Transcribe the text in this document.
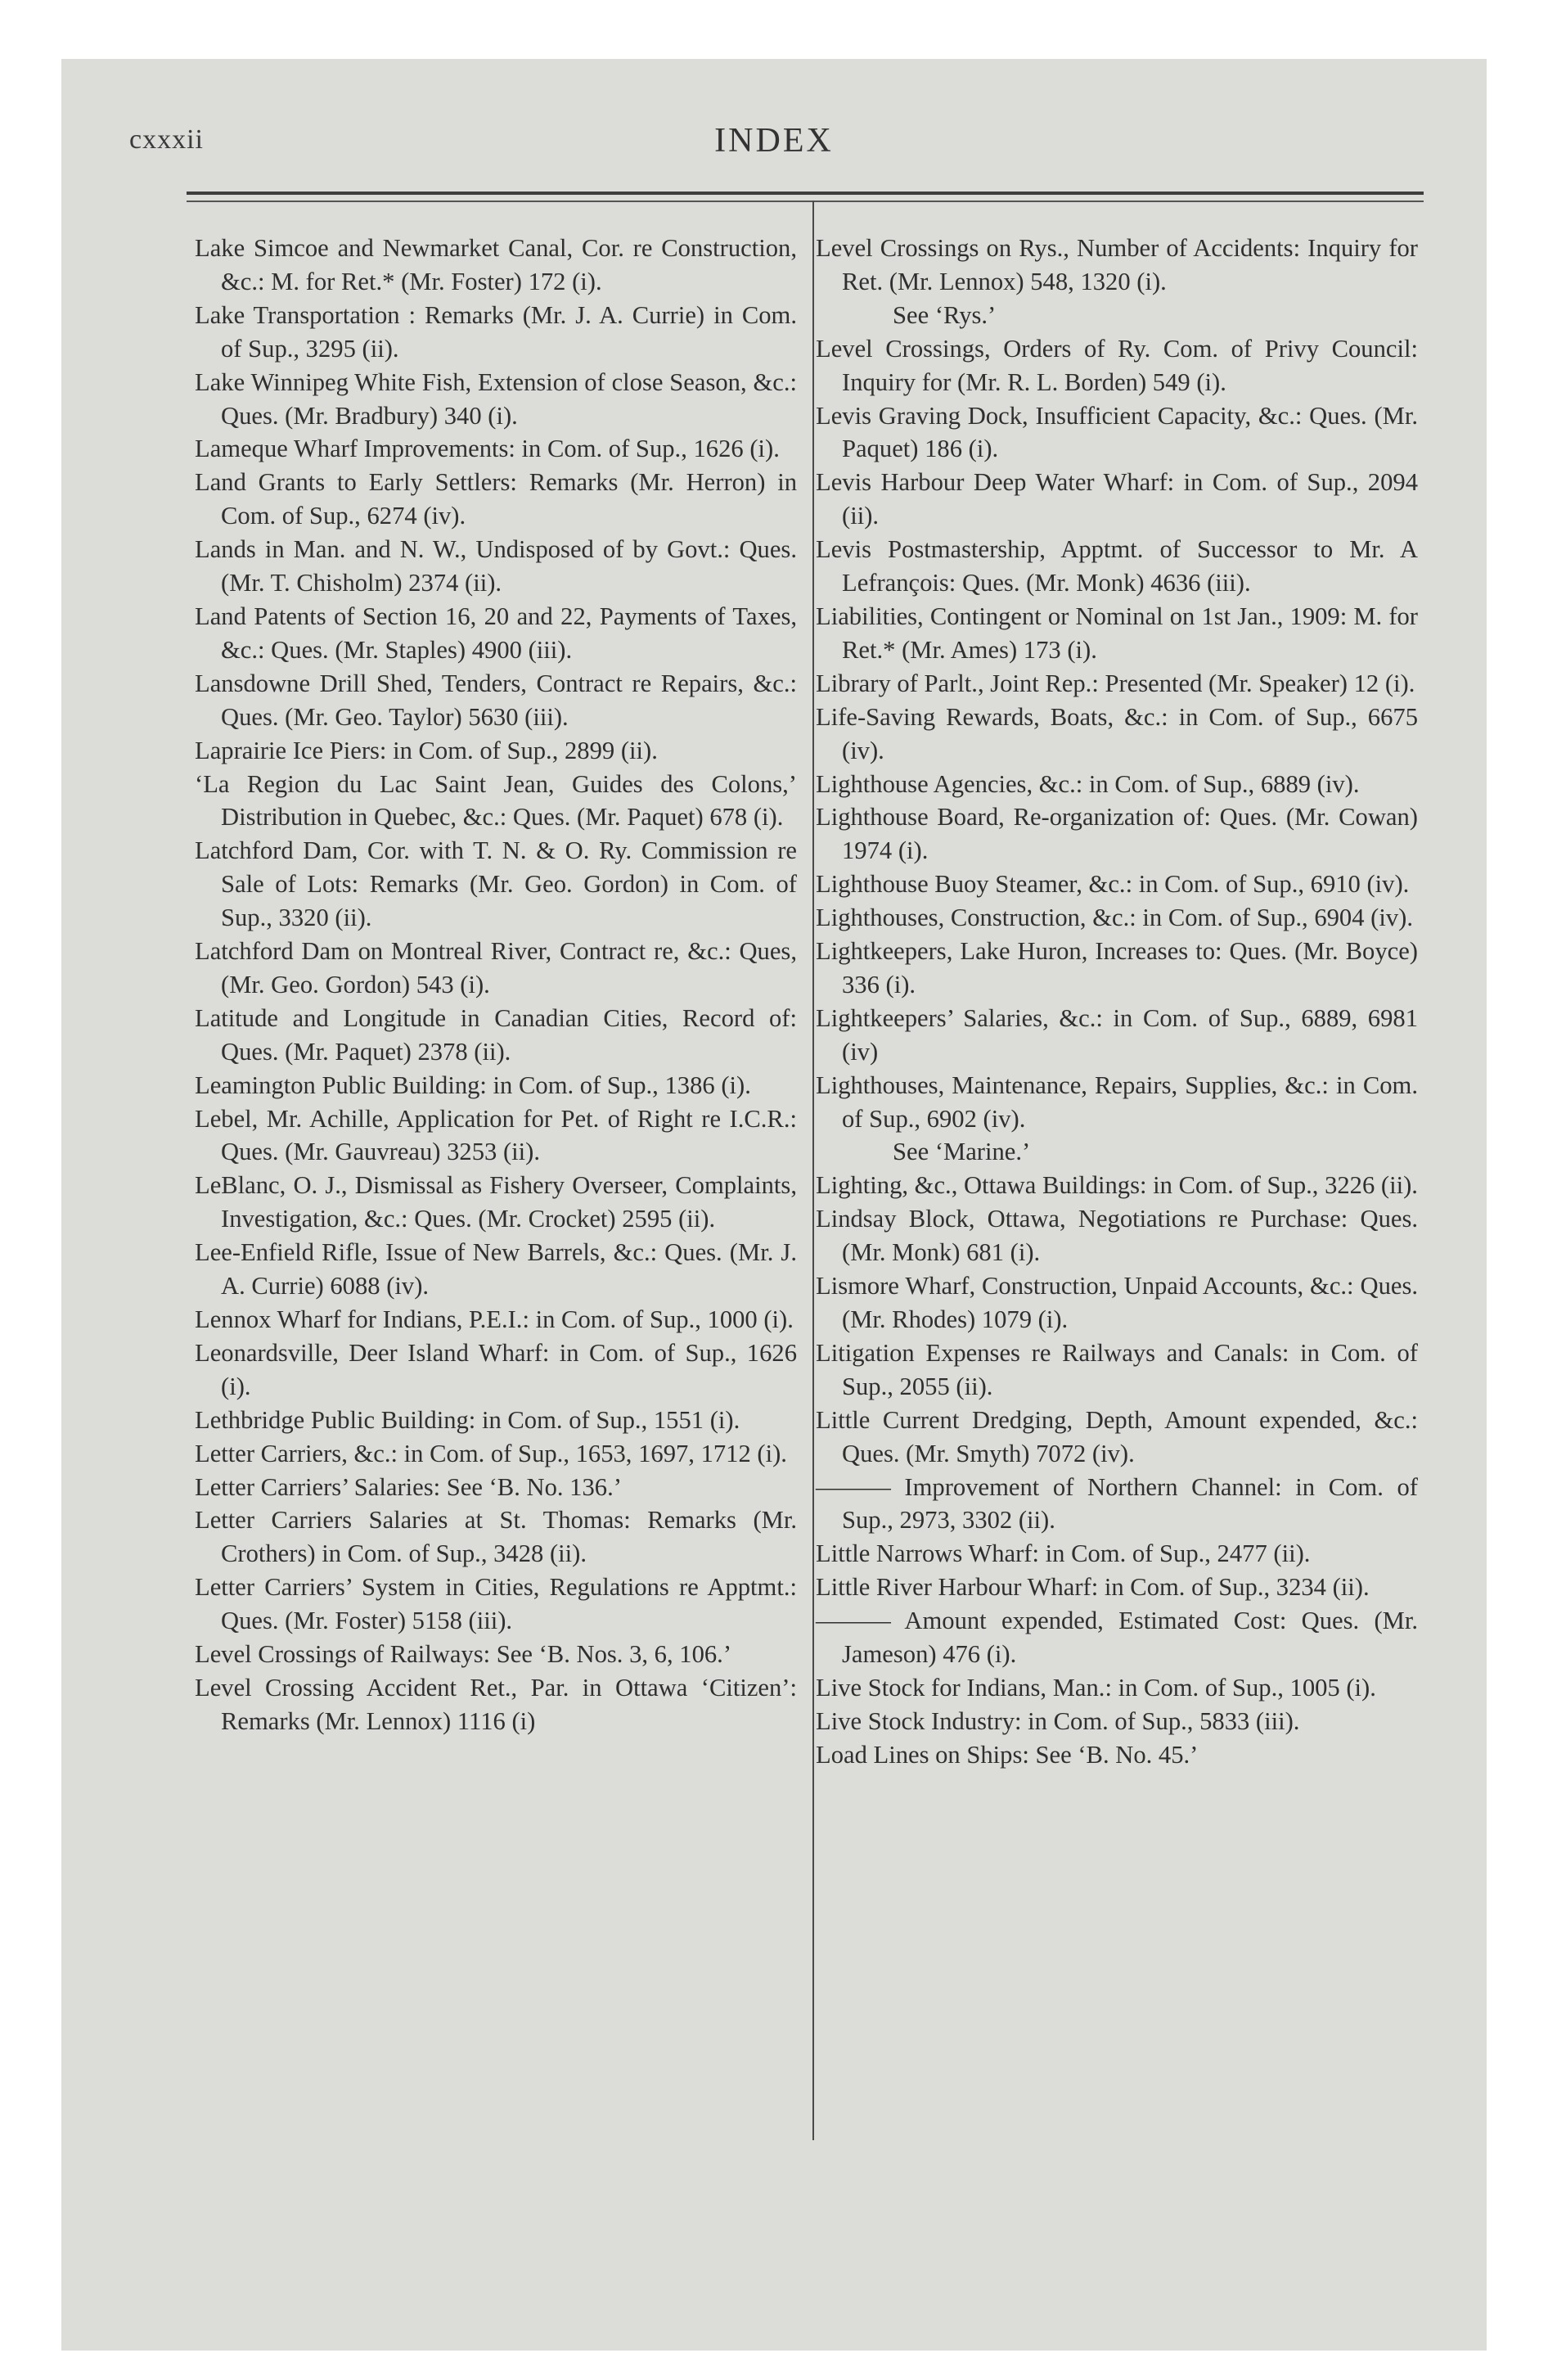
cxxxii	INDEX
Lake Simcoe and Newmarket Canal, Cor. re Construction, &c.: M. for Ret.* (Mr. Foster) 172 (i).
Lake Transportation : Remarks (Mr. J. A. Currie) in Com. of Sup., 3295 (ii).
Lake Winnipeg White Fish, Extension of close Season, &c.: Ques. (Mr. Bradbury) 340 (i).
Lameque Wharf Improvements: in Com. of Sup., 1626 (i).
Land Grants to Early Settlers: Remarks (Mr. Herron) in Com. of Sup., 6274 (iv).
Lands in Man. and N. W., Undisposed of by Govt.: Ques. (Mr. T. Chisholm) 2374 (ii).
Land Patents of Section 16, 20 and 22, Payments of Taxes, &c.: Ques. (Mr. Staples) 4900 (iii).
Lansdowne Drill Shed, Tenders, Contract re Repairs, &c.: Ques. (Mr. Geo. Taylor) 5630 (iii).
Laprairie Ice Piers: in Com. of Sup., 2899 (ii).
‘La Region du Lac Saint Jean, Guides des Colons,’ Distribution in Quebec, &c.: Ques. (Mr. Paquet) 678 (i).
Latchford Dam, Cor. with T. N. & O. Ry. Commission re Sale of Lots: Remarks (Mr. Geo. Gordon) in Com. of Sup., 3320 (ii).
Latchford Dam on Montreal River, Contract re, &c.: Ques, (Mr. Geo. Gordon) 543 (i).
Latitude and Longitude in Canadian Cities, Record of: Ques. (Mr. Paquet) 2378 (ii).
Leamington Public Building: in Com. of Sup., 1386 (i).
Lebel, Mr. Achille, Application for Pet. of Right re I.C.R.: Ques. (Mr. Gauvreau) 3253 (ii).
LeBlanc, O. J., Dismissal as Fishery Overseer, Complaints, Investigation, &c.: Ques. (Mr. Crocket) 2595 (ii).
Lee-Enfield Rifle, Issue of New Barrels, &c.: Ques. (Mr. J. A. Currie) 6088 (iv).
Lennox Wharf for Indians, P.E.I.: in Com. of Sup., 1000 (i).
Leonardsville, Deer Island Wharf: in Com. of Sup., 1626 (i).
Lethbridge Public Building: in Com. of Sup., 1551 (i).
Letter Carriers, &c.: in Com. of Sup., 1653, 1697, 1712 (i).
Letter Carriers’ Salaries: See ‘B. No. 136.’
Letter Carriers Salaries at St. Thomas: Remarks (Mr. Crothers) in Com. of Sup., 3428 (ii).
Letter Carriers’ System in Cities, Regulations re Apptmt.: Ques. (Mr. Foster) 5158 (iii).
Level Crossings of Railways: See ‘B. Nos. 3, 6, 106.’
Level Crossing Accident Ret., Par. in Ottawa ‘Citizen’: Remarks (Mr. Lennox) 1116 (i)
Level Crossings on Rys., Number of Accidents: Inquiry for Ret. (Mr. Lennox) 548, 1320 (i).
See ‘Rys.’
Level Crossings, Orders of Ry. Com. of Privy Council: Inquiry for (Mr. R. L. Borden) 549 (i).
Levis Graving Dock, Insufficient Capacity, &c.: Ques. (Mr. Paquet) 186 (i).
Levis Harbour Deep Water Wharf: in Com. of Sup., 2094 (ii).
Levis Postmastership, Apptmt. of Successor to Mr. A Lefrançois: Ques. (Mr. Monk) 4636 (iii).
Liabilities, Contingent or Nominal on 1st Jan., 1909: M. for Ret.* (Mr. Ames) 173 (i).
Library of Parlt., Joint Rep.: Presented (Mr. Speaker) 12 (i).
Life-Saving Rewards, Boats, &c.: in Com. of Sup., 6675 (iv).
Lighthouse Agencies, &c.: in Com. of Sup., 6889 (iv).
Lighthouse Board, Re-organization of: Ques. (Mr. Cowan) 1974 (i).
Lighthouse Buoy Steamer, &c.: in Com. of Sup., 6910 (iv).
Lighthouses, Construction, &c.: in Com. of Sup., 6904 (iv).
Lightkeepers, Lake Huron, Increases to: Ques. (Mr. Boyce) 336 (i).
Lightkeepers’ Salaries, &c.: in Com. of Sup., 6889, 6981 (iv)
Lighthouses, Maintenance, Repairs, Supplies, &c.: in Com. of Sup., 6902 (iv).
See ‘Marine.’
Lighting, &c., Ottawa Buildings: in Com. of Sup., 3226 (ii).
Lindsay Block, Ottawa, Negotiations re Purchase: Ques. (Mr. Monk) 681 (i).
Lismore Wharf, Construction, Unpaid Accounts, &c.: Ques. (Mr. Rhodes) 1079 (i).
Litigation Expenses re Railways and Canals: in Com. of Sup., 2055 (ii).
Little Current Dredging, Depth, Amount expended, &c.: Ques. (Mr. Smyth) 7072 (iv).
——— Improvement of Northern Channel: in Com. of Sup., 2973, 3302 (ii).
Little Narrows Wharf: in Com. of Sup., 2477 (ii).
Little River Harbour Wharf: in Com. of Sup., 3234 (ii).
——— Amount expended, Estimated Cost: Ques. (Mr. Jameson) 476 (i).
Live Stock for Indians, Man.: in Com. of Sup., 1005 (i).
Live Stock Industry: in Com. of Sup., 5833 (iii).
Load Lines on Ships: See ‘B. No. 45.’
